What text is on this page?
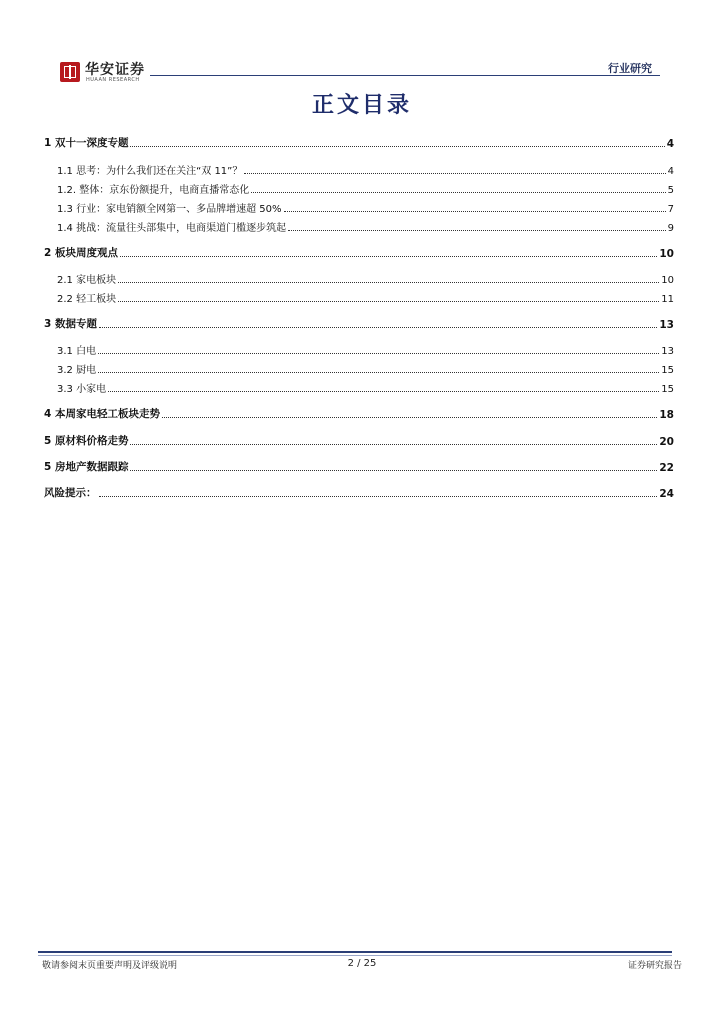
华安证券
HUAAN RESEARCH
行业研究
正文目录
1 双十一深度专题	4
1.1 思考：为什么我们还在关注“双 11”？	4
1.2. 整体：京东份额提升，电商直播常态化	5
1.3 行业：家电销额全网第一、多品牌增速超 50%	7
1.4 挑战：流量往头部集中，电商渠道门槛逐步筑起	9
2 板块周度观点	10
2.1 家电板块	10
2.2 轻工板块	11
3 数据专题	13
3.1 白电	13
3.2 厨电	15
3.3 小家电	15
4 本周家电轻工板块走势	18
5 原材料价格走势	20
5 房地产数据跟踪	22
风险提示：	24
敬请参阅末页重要声明及评级说明	2 / 25	证券研究报告
